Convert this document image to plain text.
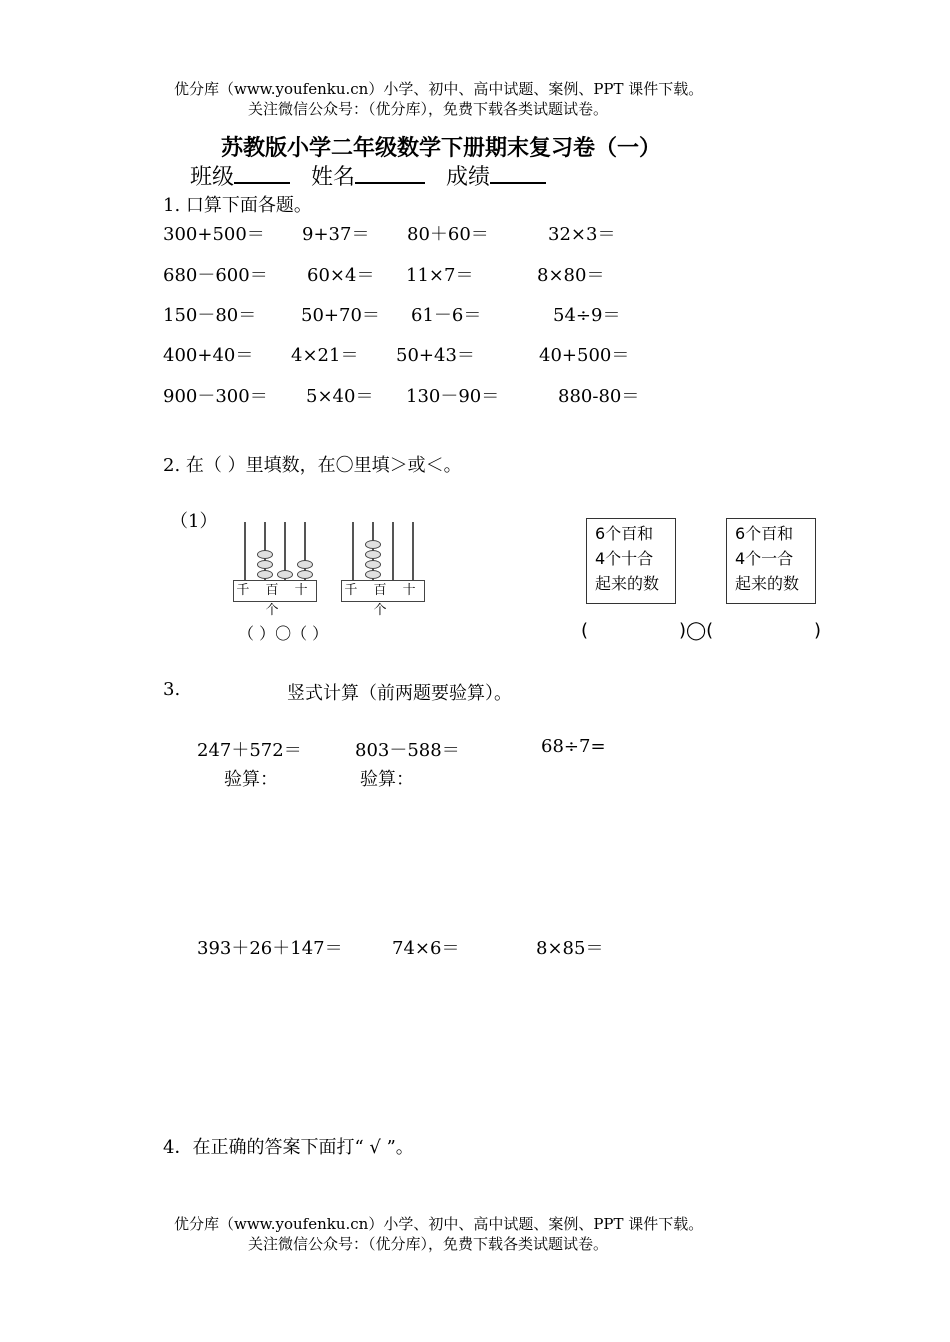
优分库（www.youfenku.cn）小学、初中、高中试题、案例、PPT 课件下载。
关注微信公众号：（优分库），免费下载各类试题试卷。
苏教版小学二年级数学下册期末复习卷（一）
班级	姓名	成绩
1. 口算下面各题。
300+500＝ 9+37＝ 80＋60＝	32×3＝
680－600＝ 60×4＝ 11×7＝	8×80＝
150－80＝ 50+70＝ 61－6＝	54÷9＝
400+40＝ 4×21＝ 50+43＝	40+500＝
900－300＝ 5×40＝ 130－90＝	880-80＝
2. 在（ ）里填数，在〇里填＞或＜。
（1）
千 百 十 个
千 百 十 个
（ ）〇（ ）
6个百和
4个十合
起来的数
6个百和
4个一合
起来的数
(	)◯(	)
3.	竖式计算（前两题要验算）。
247＋572＝	803－588＝	68÷7=
验算：	验算：
393＋26＋147＝	74×6＝	8×85＝
4．在正确的答案下面打“ √ ”。
优分库（www.youfenku.cn）小学、初中、高中试题、案例、PPT 课件下载。
关注微信公众号：（优分库），免费下载各类试题试卷。
